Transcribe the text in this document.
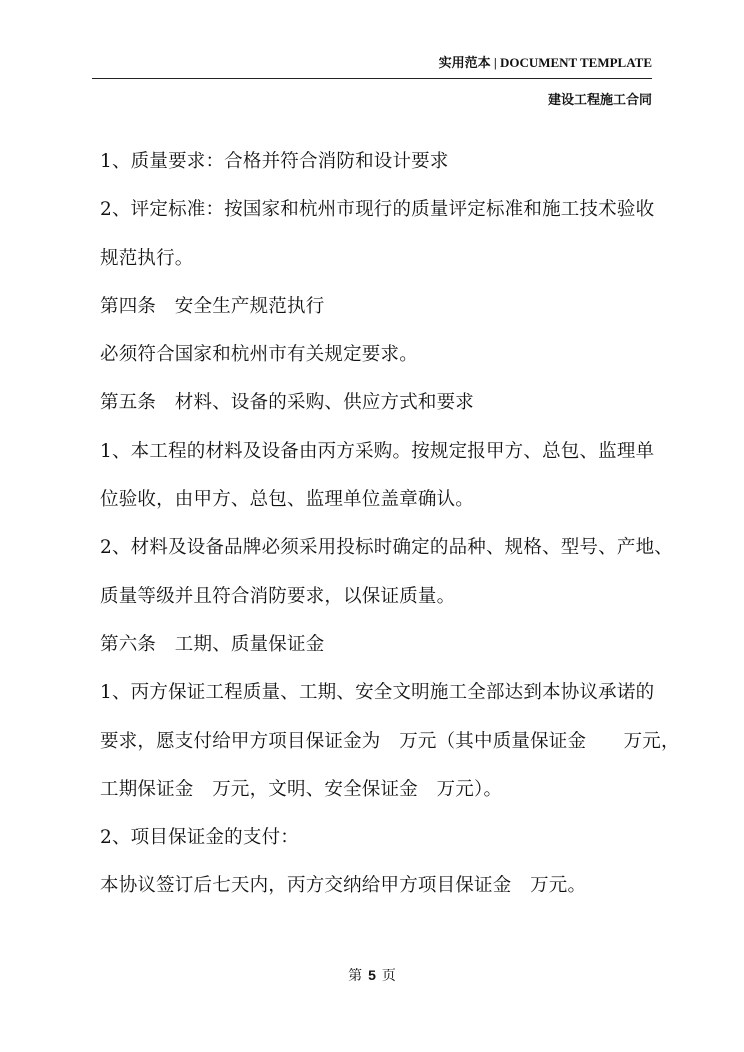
实用范本 | DOCUMENT TEMPLATE
建设工程施工合同
1、质量要求：合格并符合消防和设计要求
2、评定标准：按国家和杭州市现行的质量评定标准和施工技术验收
规范执行。
第四条　安全生产规范执行
必须符合国家和杭州市有关规定要求。
第五条　材料、设备的采购、供应方式和要求
1、本工程的材料及设备由丙方采购。按规定报甲方、总包、监理单
位验收，由甲方、总包、监理单位盖章确认。
2、材料及设备品牌必须采用投标时确定的品种、规格、型号、产地、
质量等级并且符合消防要求，以保证质量。
第六条　工期、质量保证金
1、丙方保证工程质量、工期、安全文明施工全部达到本协议承诺的
要求，愿支付给甲方项目保证金为　万元（其中质量保证金　　万元，
工期保证金　万元，文明、安全保证金　万元）。
2、项目保证金的支付：
本协议签订后七天内，丙方交纳给甲方项目保证金　万元。
第 5 页
